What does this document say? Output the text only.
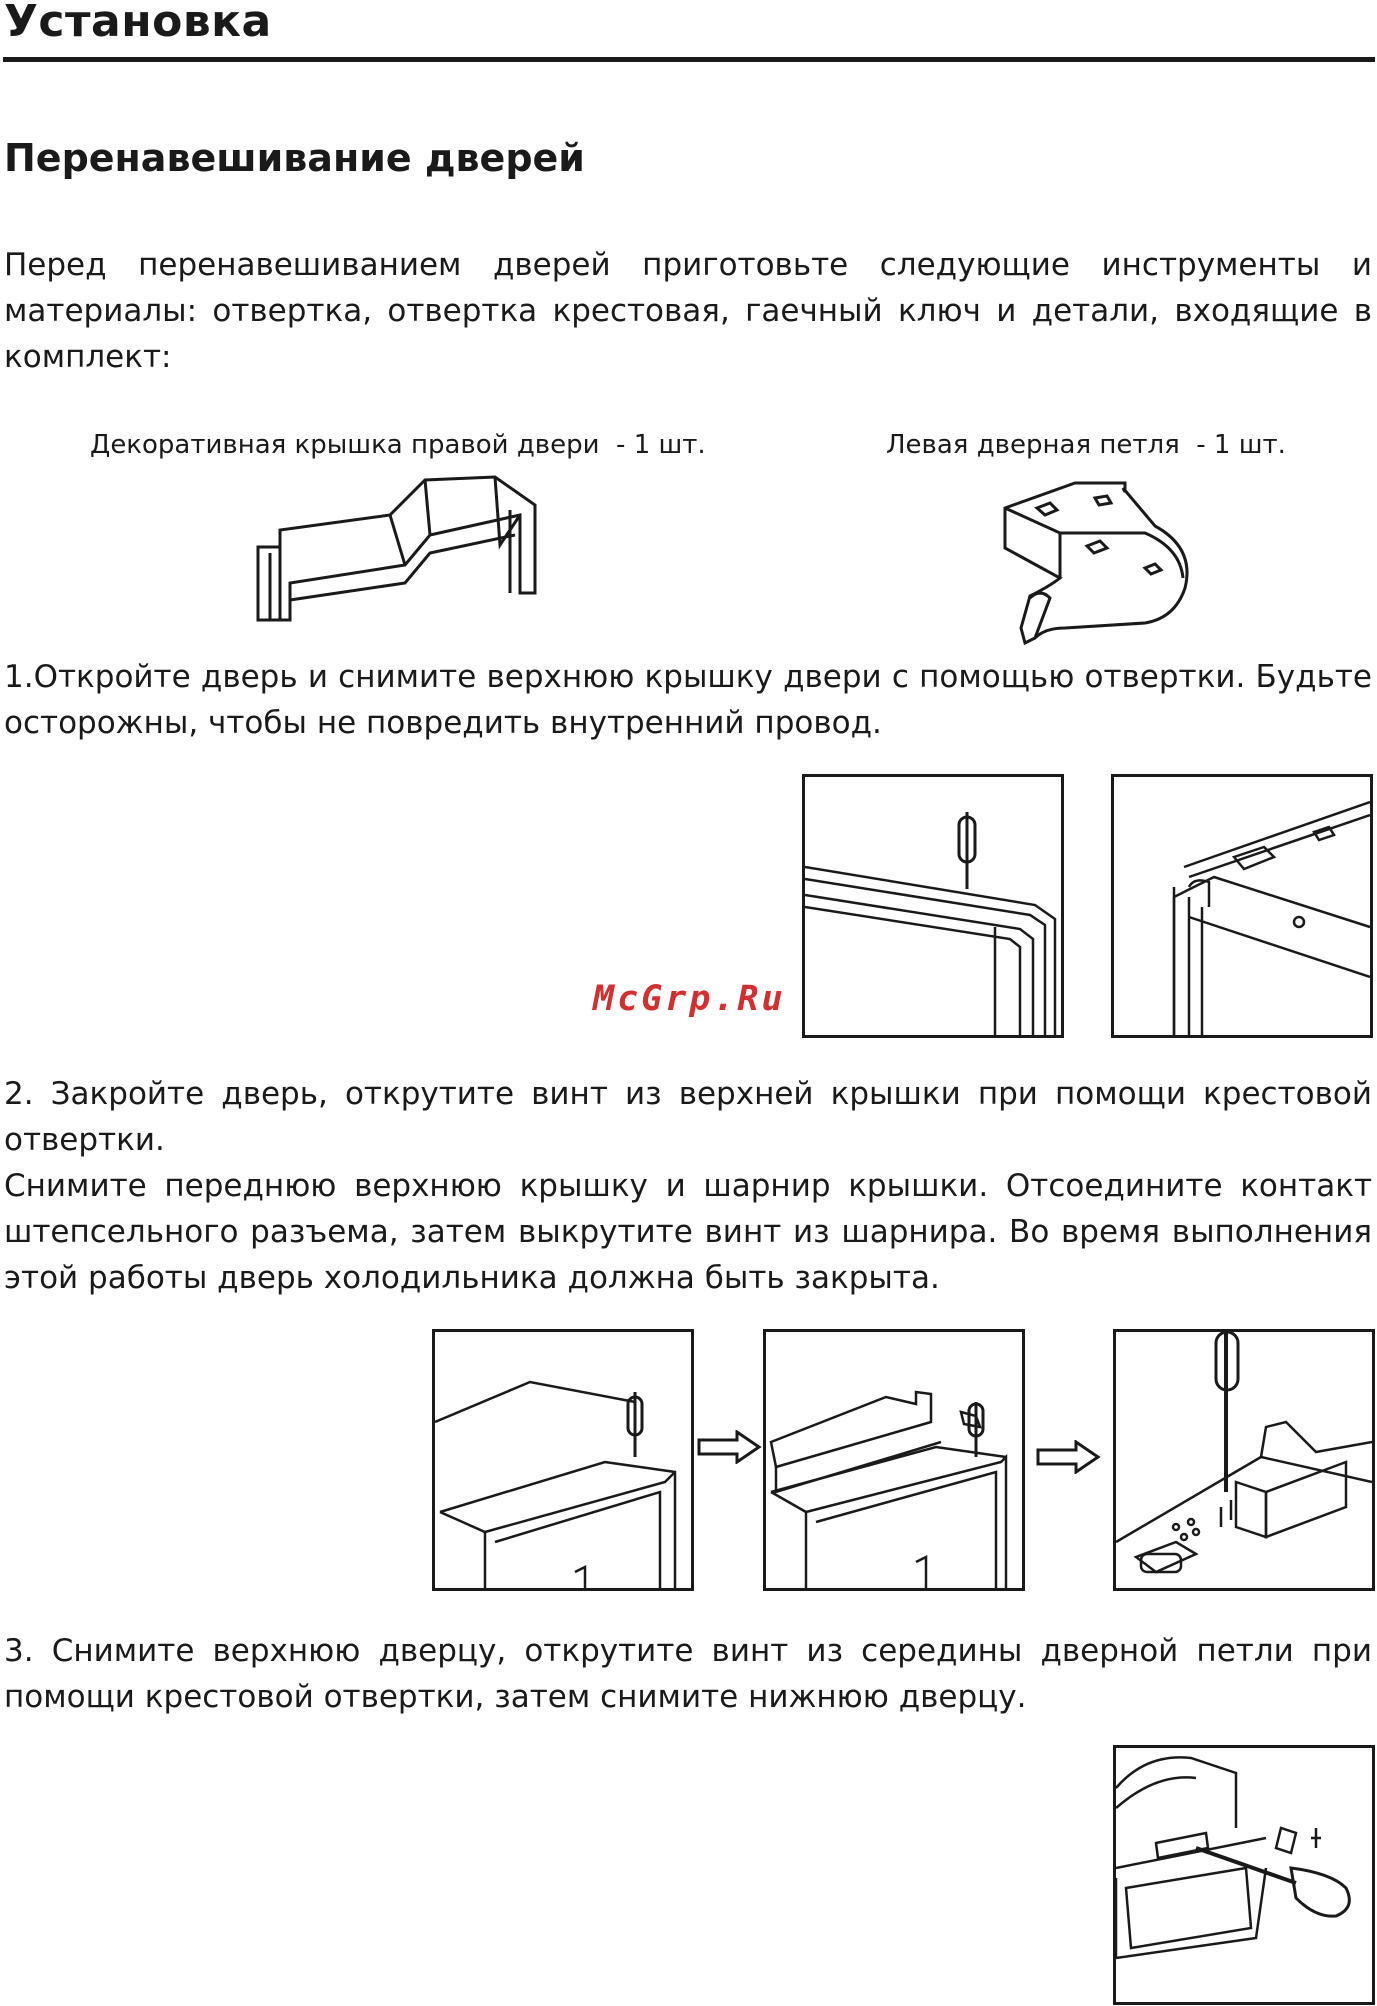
Установка
Перенавешивание дверей

Перед перенавешиванием дверей приготовьте следующие инструменты и материалы: отвертка, отвертка крестовая, гаечный ключ и детали, входящие в комплект:

Декоративная крышка правой двери - 1 шт.	Левая дверная петля - 1 шт.

1.Откройте дверь и снимите верхнюю крышку двери с помощью отвертки. Будьте осторожны, чтобы не повредить внутренний провод.

McGrp.Ru

2. Закройте дверь, открутите винт из верхней крышки при помощи крестовой отвертки.

Снимите переднюю верхнюю крышку и шарнир крышки. Отсоедините контакт штепсельного разъема, затем выкрутите винт из шарнира. Во время выполнения этой работы дверь холодильника должна быть закрыта.

3. Снимите верхнюю дверцу, открутите винт из середины дверной петли при помощи крестовой отвертки, затем снимите нижнюю дверцу.
